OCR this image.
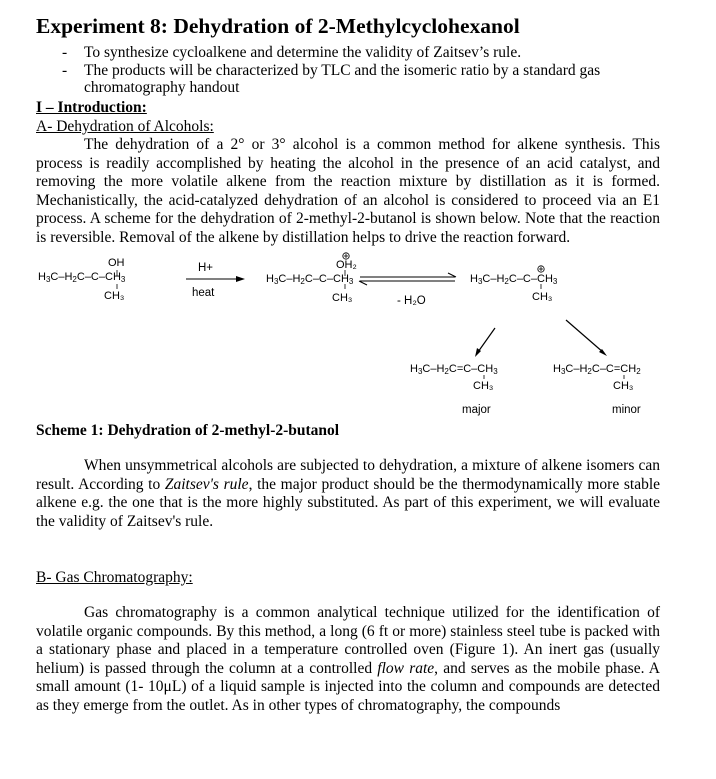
Experiment 8: Dehydration of 2-Methylcyclohexanol
- To synthesize cycloalkene and determine the validity of Zaitsev’s rule.
- The products will be characterized by TLC and the isomeric ratio by a standard gas chromatography handout
I – Introduction:
A- Dehydration of Alcohols:
The dehydration of a 2° or 3° alcohol is a common method for alkene synthesis. This process is readily accomplished by heating the alcohol in the presence of an acid catalyst, and removing the more volatile alkene from the reaction mixture by distillation as it is formed. Mechanistically, the acid-catalyzed dehydration of an alcohol is considered to proceed via an E1 process. A scheme for the dehydration of 2-methyl-2-butanol is shown below. Note that the reaction is reversible. Removal of the alkene by distillation helps to drive the reaction forward.
OH
$H_3C-H_2C-C-CH_3$
CH₃
H+
heat
OH₂
$H_3C-H_2C-C-CH_3$
CH₃	- H₂O
$H_3C-H_2C-C-CH_3$
CH₃
$H_3C-H_2C=C-CH_3$
CH₃
major
$H_3C-H_2C-C=CH_2$
CH₃
minor
Scheme 1: Dehydration of 2-methyl-2-butanol
When unsymmetrical alcohols are subjected to dehydration, a mixture of alkene isomers can result. According to Zaitsev's rule, the major product should be the thermodynamically more stable alkene e.g. the one that is the more highly substituted. As part of this experiment, we will evaluate the validity of Zaitsev's rule.
B- Gas Chromatography:
Gas chromatography is a common analytical technique utilized for the identification of volatile organic compounds. By this method, a long (6 ft or more) stainless steel tube is packed with a stationary phase and placed in a temperature controlled oven (Figure 1). An inert gas (usually helium) is passed through the column at a controlled flow rate, and serves as the mobile phase. A small amount (1- 10μL) of a liquid sample is injected into the column and compounds are detected as they emerge from the outlet. As in other types of chromatography, the compounds
